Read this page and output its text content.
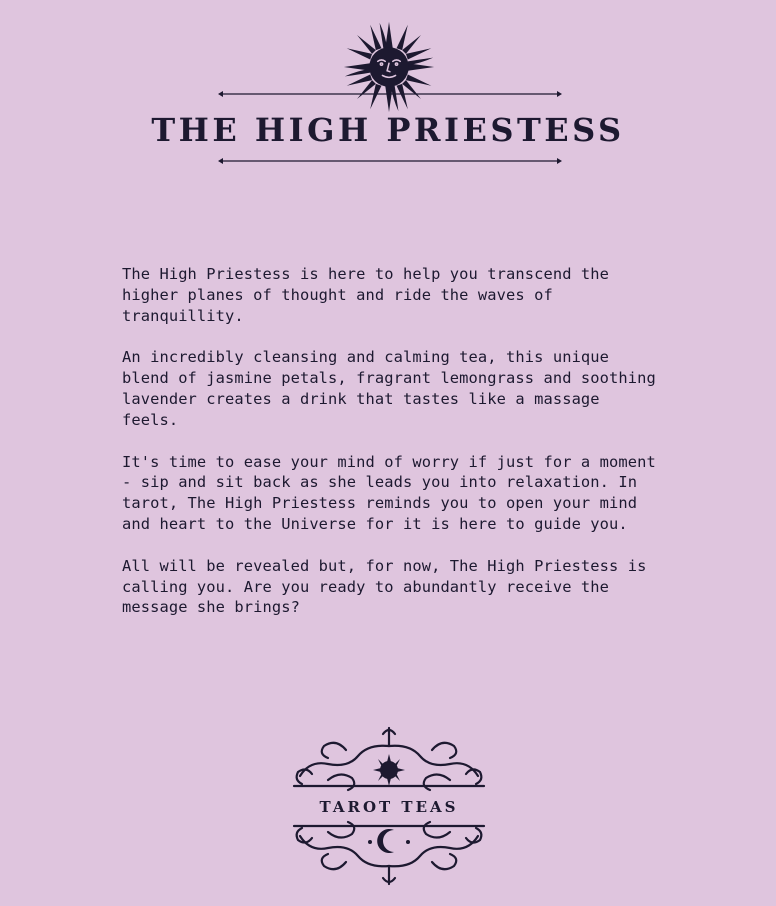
THE HIGH PRIESTESS

The High Priestess is here to help you transcend the higher planes of thought and ride the waves of tranquillity.

An incredibly cleansing and calming tea, this unique blend of jasmine petals, fragrant lemongrass and soothing lavender creates a drink that tastes like a massage feels.

It's time to ease your mind of worry if just for a moment - sip and sit back as she leads you into relaxation. In tarot, The High Priestess reminds you to open your mind and heart to the Universe for it is here to guide you.

All will be revealed but, for now, The High Priestess is calling you. Are you ready to abundantly receive the message she brings?

TAROT TEAS
